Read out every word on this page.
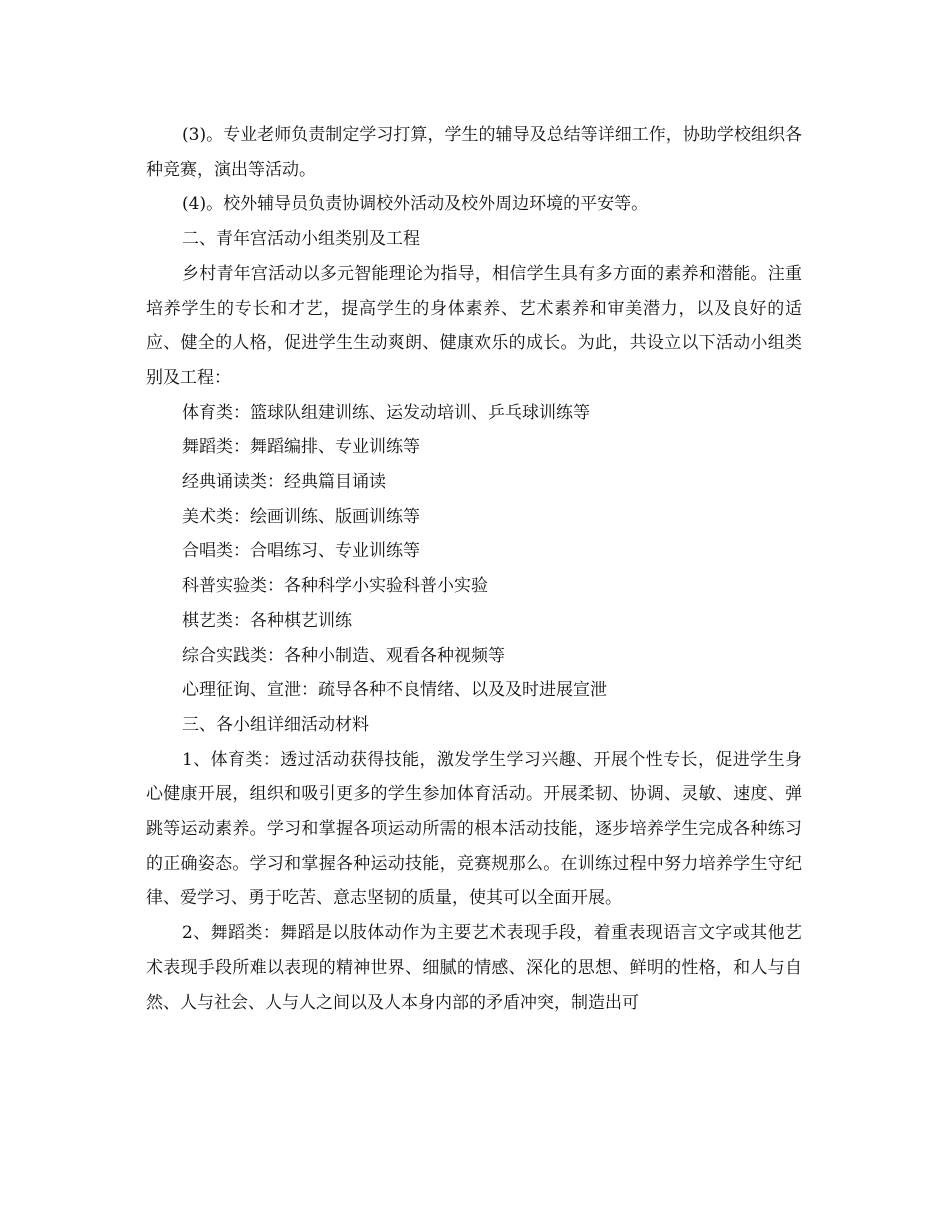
(3)。专业老师负责制定学习打算，学生的辅导及总结等详细工作，协助学校组织各种竞赛，演出等活动。

(4)。校外辅导员负责协调校外活动及校外周边环境的平安等。

二、青年宫活动小组类别及工程

乡村青年宫活动以多元智能理论为指导，相信学生具有多方面的素养和潜能。注重培养学生的专长和才艺，提高学生的身体素养、艺术素养和审美潜力，以及良好的适应、健全的人格，促进学生生动爽朗、健康欢乐的成长。为此，共设立以下活动小组类别及工程：

体育类：篮球队组建训练、运发动培训、乒乓球训练等

舞蹈类：舞蹈编排、专业训练等

经典诵读类：经典篇目诵读

美术类：绘画训练、版画训练等

合唱类：合唱练习、专业训练等

科普实验类：各种科学小实验科普小实验

棋艺类：各种棋艺训练

综合实践类：各种小制造、观看各种视频等

心理征询、宣泄：疏导各种不良情绪、以及及时进展宣泄

三、各小组详细活动材料

1、体育类：透过活动获得技能，激发学生学习兴趣、开展个性专长，促进学生身心健康开展，组织和吸引更多的学生参加体育活动。开展柔韧、协调、灵敏、速度、弹跳等运动素养。学习和掌握各项运动所需的根本活动技能，逐步培养学生完成各种练习的正确姿态。学习和掌握各种运动技能，竞赛规那么。在训练过程中努力培养学生守纪律、爱学习、勇于吃苦、意志坚韧的质量，使其可以全面开展。

2、舞蹈类：舞蹈是以肢体动作为主要艺术表现手段，着重表现语言文字或其他艺术表现手段所难以表现的精神世界、细腻的情感、深化的思想、鲜明的性格，和人与自然、人与社会、人与人之间以及人本身内部的矛盾冲突，制造出可
